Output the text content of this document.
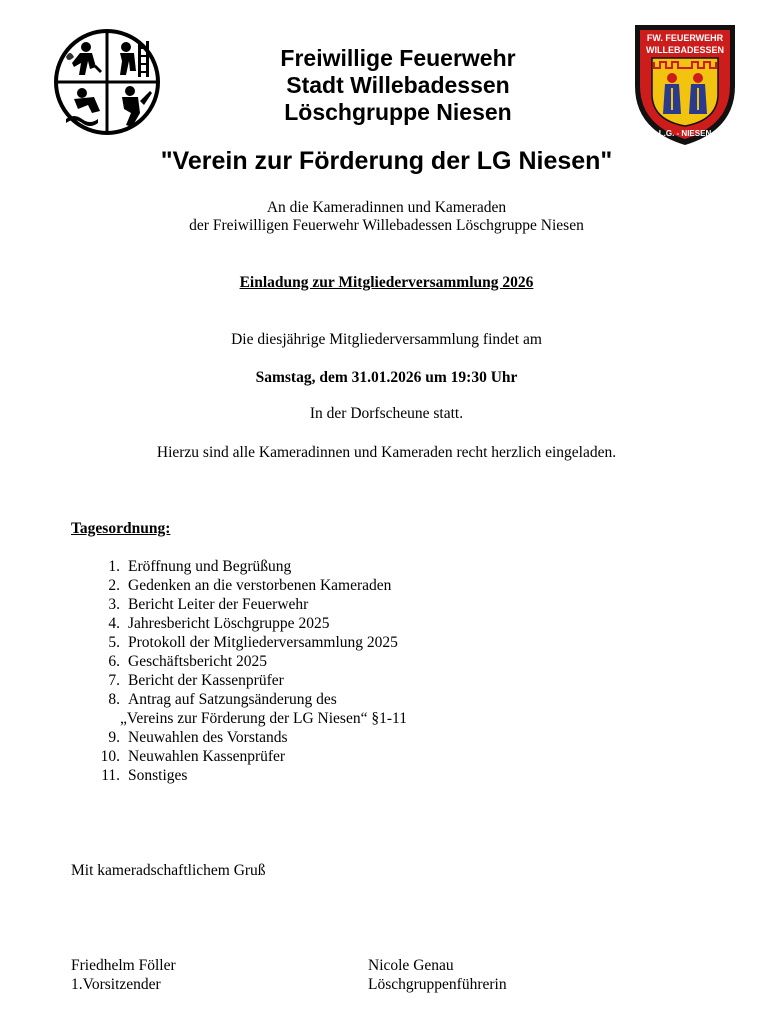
Freiwillige Feuerwehr
Stadt Willebadessen
Löschgruppe Niesen
FW. FEUERWEHR
WILLEBADESSEN
L.G. - NIESEN
"Verein zur Förderung der LG Niesen"
An die Kameradinnen und Kameraden
der Freiwilligen Feuerwehr Willebadessen Löschgruppe Niesen
Einladung zur Mitgliederversammlung 2026
Die diesjährige Mitgliederversammlung findet am
Samstag, dem 31.01.2026 um 19:30 Uhr
In der Dorfscheune statt.
Hierzu sind alle Kameradinnen und Kameraden recht herzlich eingeladen.
Tagesordnung:
1. Eröffnung und Begrüßung
2. Gedenken an die verstorbenen Kameraden
3. Bericht Leiter der Feuerwehr
4. Jahresbericht Löschgruppe 2025
5. Protokoll der Mitgliederversammlung 2025
6. Geschäftsbericht 2025
7. Bericht der Kassenprüfer
8. Antrag auf Satzungsänderung des
„Vereins zur Förderung der LG Niesen“ §1-11
9. Neuwahlen des Vorstands
10. Neuwahlen Kassenprüfer
11. Sonstiges
Mit kameradschaftlichem Gruß
Friedhelm Föller
1.Vorsitzender
Nicole Genau
Löschgruppenführerin
